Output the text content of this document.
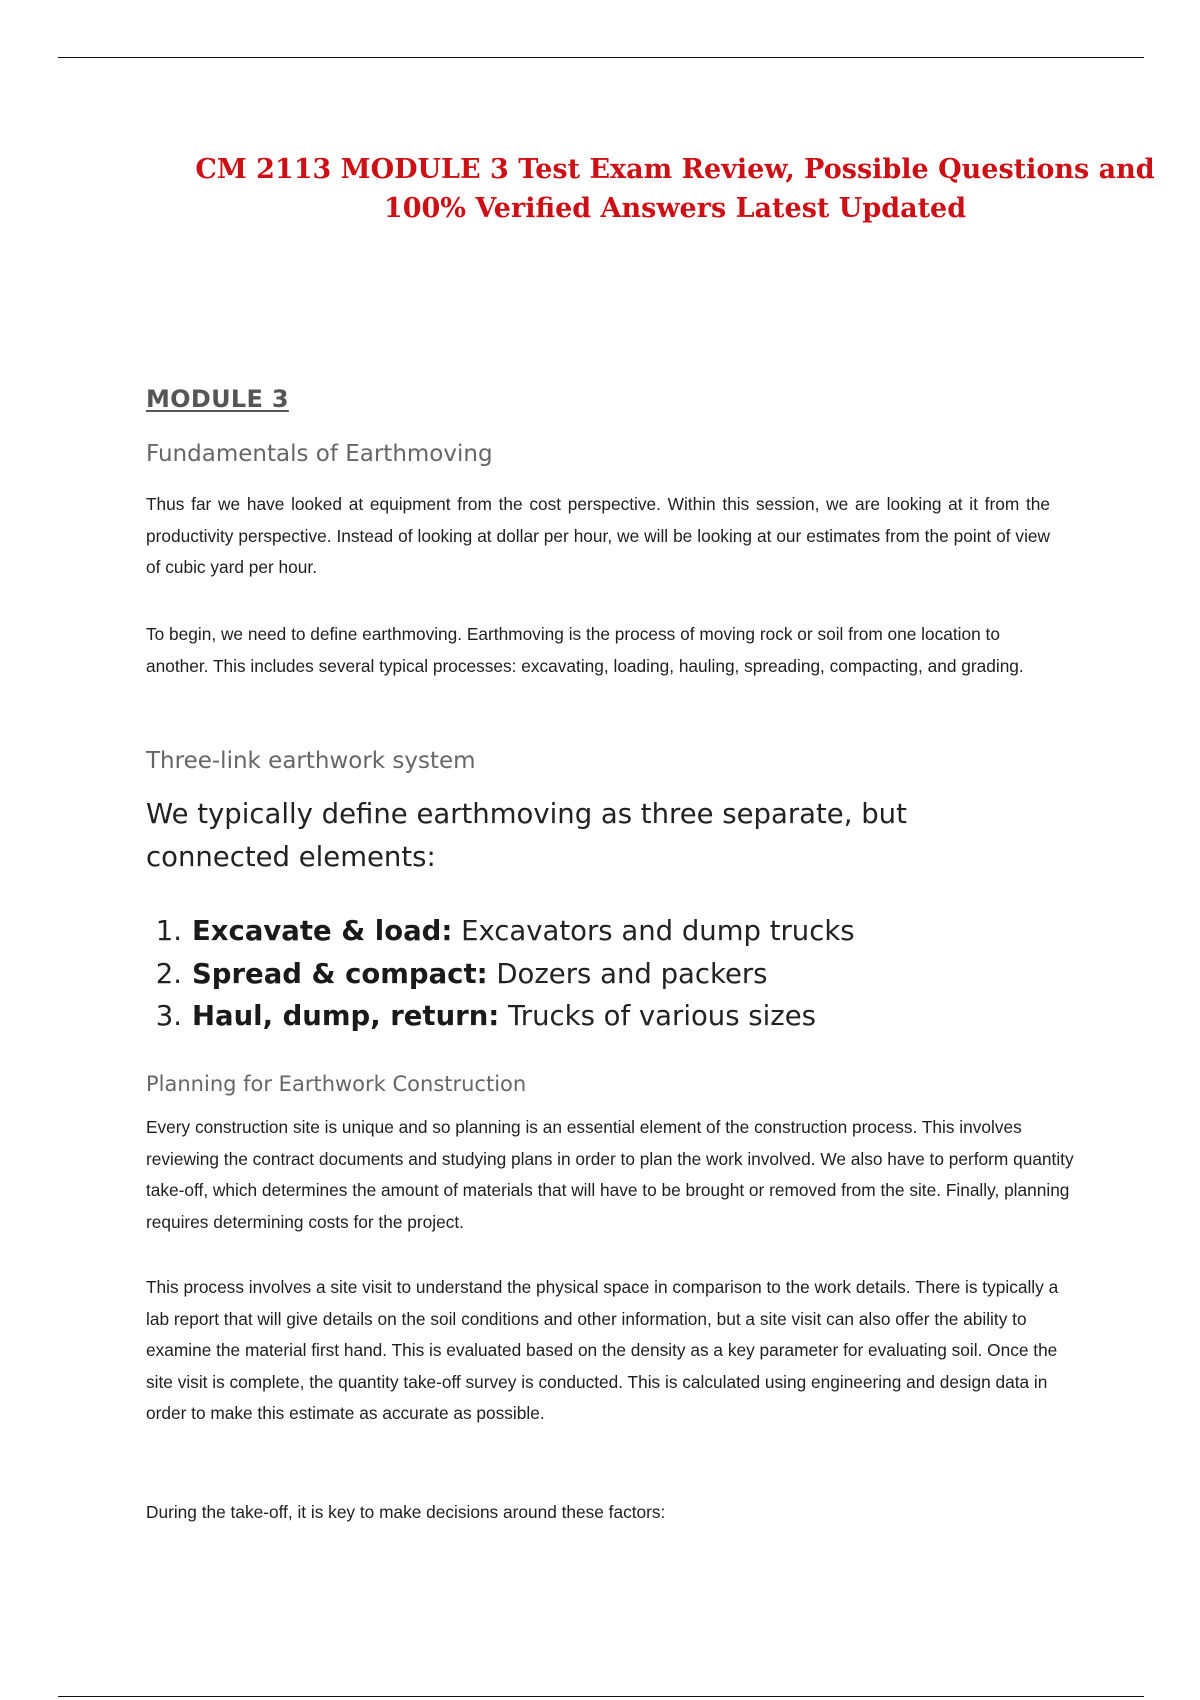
CM 2113 MODULE 3 Test Exam Review, Possible Questions and 100% Verified Answers Latest Updated
MODULE 3
Fundamentals of Earthmoving

Thus far we have looked at equipment from the cost perspective. Within this session, we are looking at it from the productivity perspective. Instead of looking at dollar per hour, we will be looking at our estimates from the point of view of cubic yard per hour.

To begin, we need to define earthmoving. Earthmoving is the process of moving rock or soil from one location to another. This includes several typical processes: excavating, loading, hauling, spreading, compacting, and grading.

Three-link earthwork system

We typically define earthmoving as three separate, but connected elements:

1. Excavate & load: Excavators and dump trucks
2. Spread & compact: Dozers and packers
3. Haul, dump, return: Trucks of various sizes
Planning for Earthwork Construction

Every construction site is unique and so planning is an essential element of the construction process. This involves reviewing the contract documents and studying plans in order to plan the work involved. We also have to perform quantity take-off, which determines the amount of materials that will have to be brought or removed from the site. Finally, planning requires determining costs for the project.

This process involves a site visit to understand the physical space in comparison to the work details. There is typically a lab report that will give details on the soil conditions and other information, but a site visit can also offer the ability to examine the material first hand. This is evaluated based on the density as a key parameter for evaluating soil. Once the site visit is complete, the quantity take-off survey is conducted. This is calculated using engineering and design data in order to make this estimate as accurate as possible.

During the take-off, it is key to make decisions around these factors:
